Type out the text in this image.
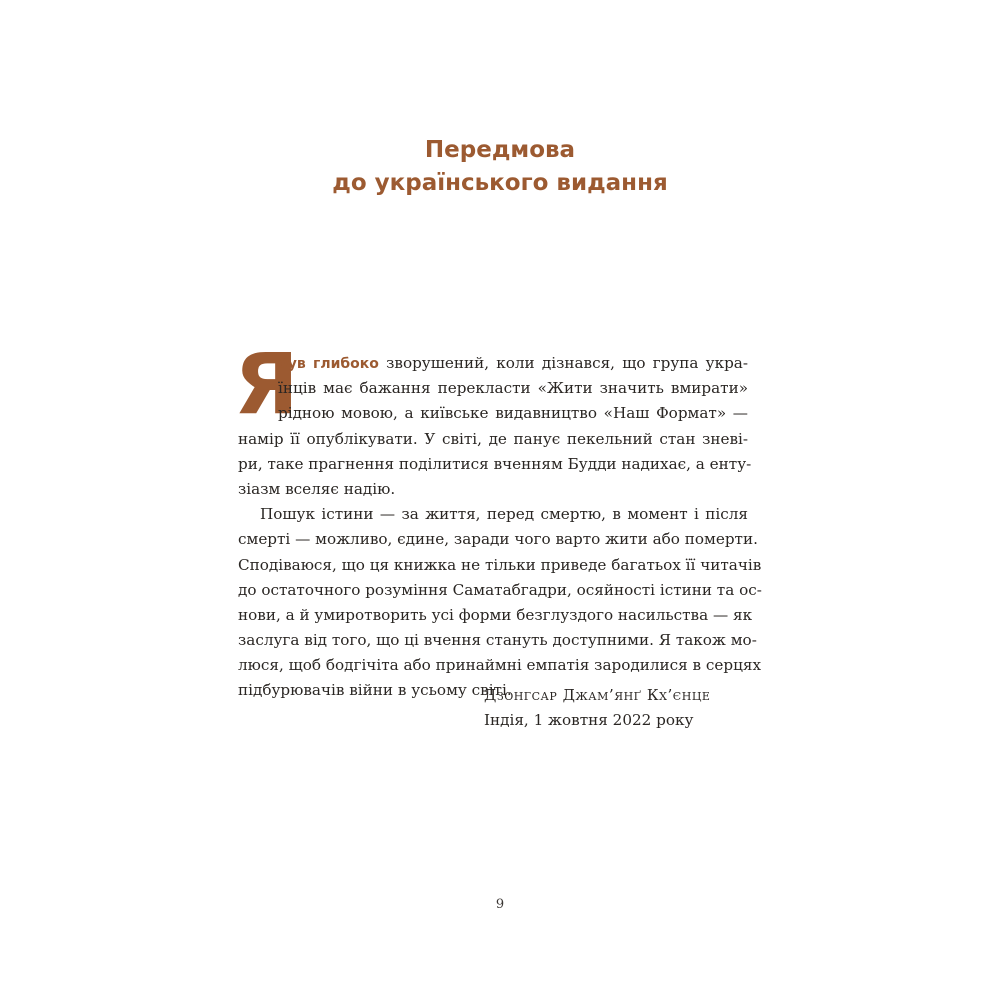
Передмова
до українського видання
Я
був глибоко зворушений, коли дізнався, що група укра-
їнців має бажання перекласти «Жити значить вмирати»
рідною мовою, а київське видавництво «Наш Формат» —
намір її опублікувати. У світі, де панує пекельний стан зневі-
ри, таке прагнення поділитися вченням Будди надихає, а енту-
зіазм вселяє надію.
Пошук істини — за життя, перед смертю, в момент і після
смерті — можливо, єдине, заради чого варто жити або померти.
Сподіваюся, що ця книжка не тільки приведе багатьох її читачів
до остаточного розуміння Саматабгадри, осяйності істини та ос-
нови, а й умиротворить усі форми безглуздого насильства — як
заслуга від того, що ці вчення стануть доступними. Я також мо-
люся, щоб бодгічіта або принаймні емпатія зародилися в серцях
підбурювачів війни в усьому світі.
Дзонгсар Джам’янґ Кх’єнце
Індія, 1 жовтня 2022 року
9
